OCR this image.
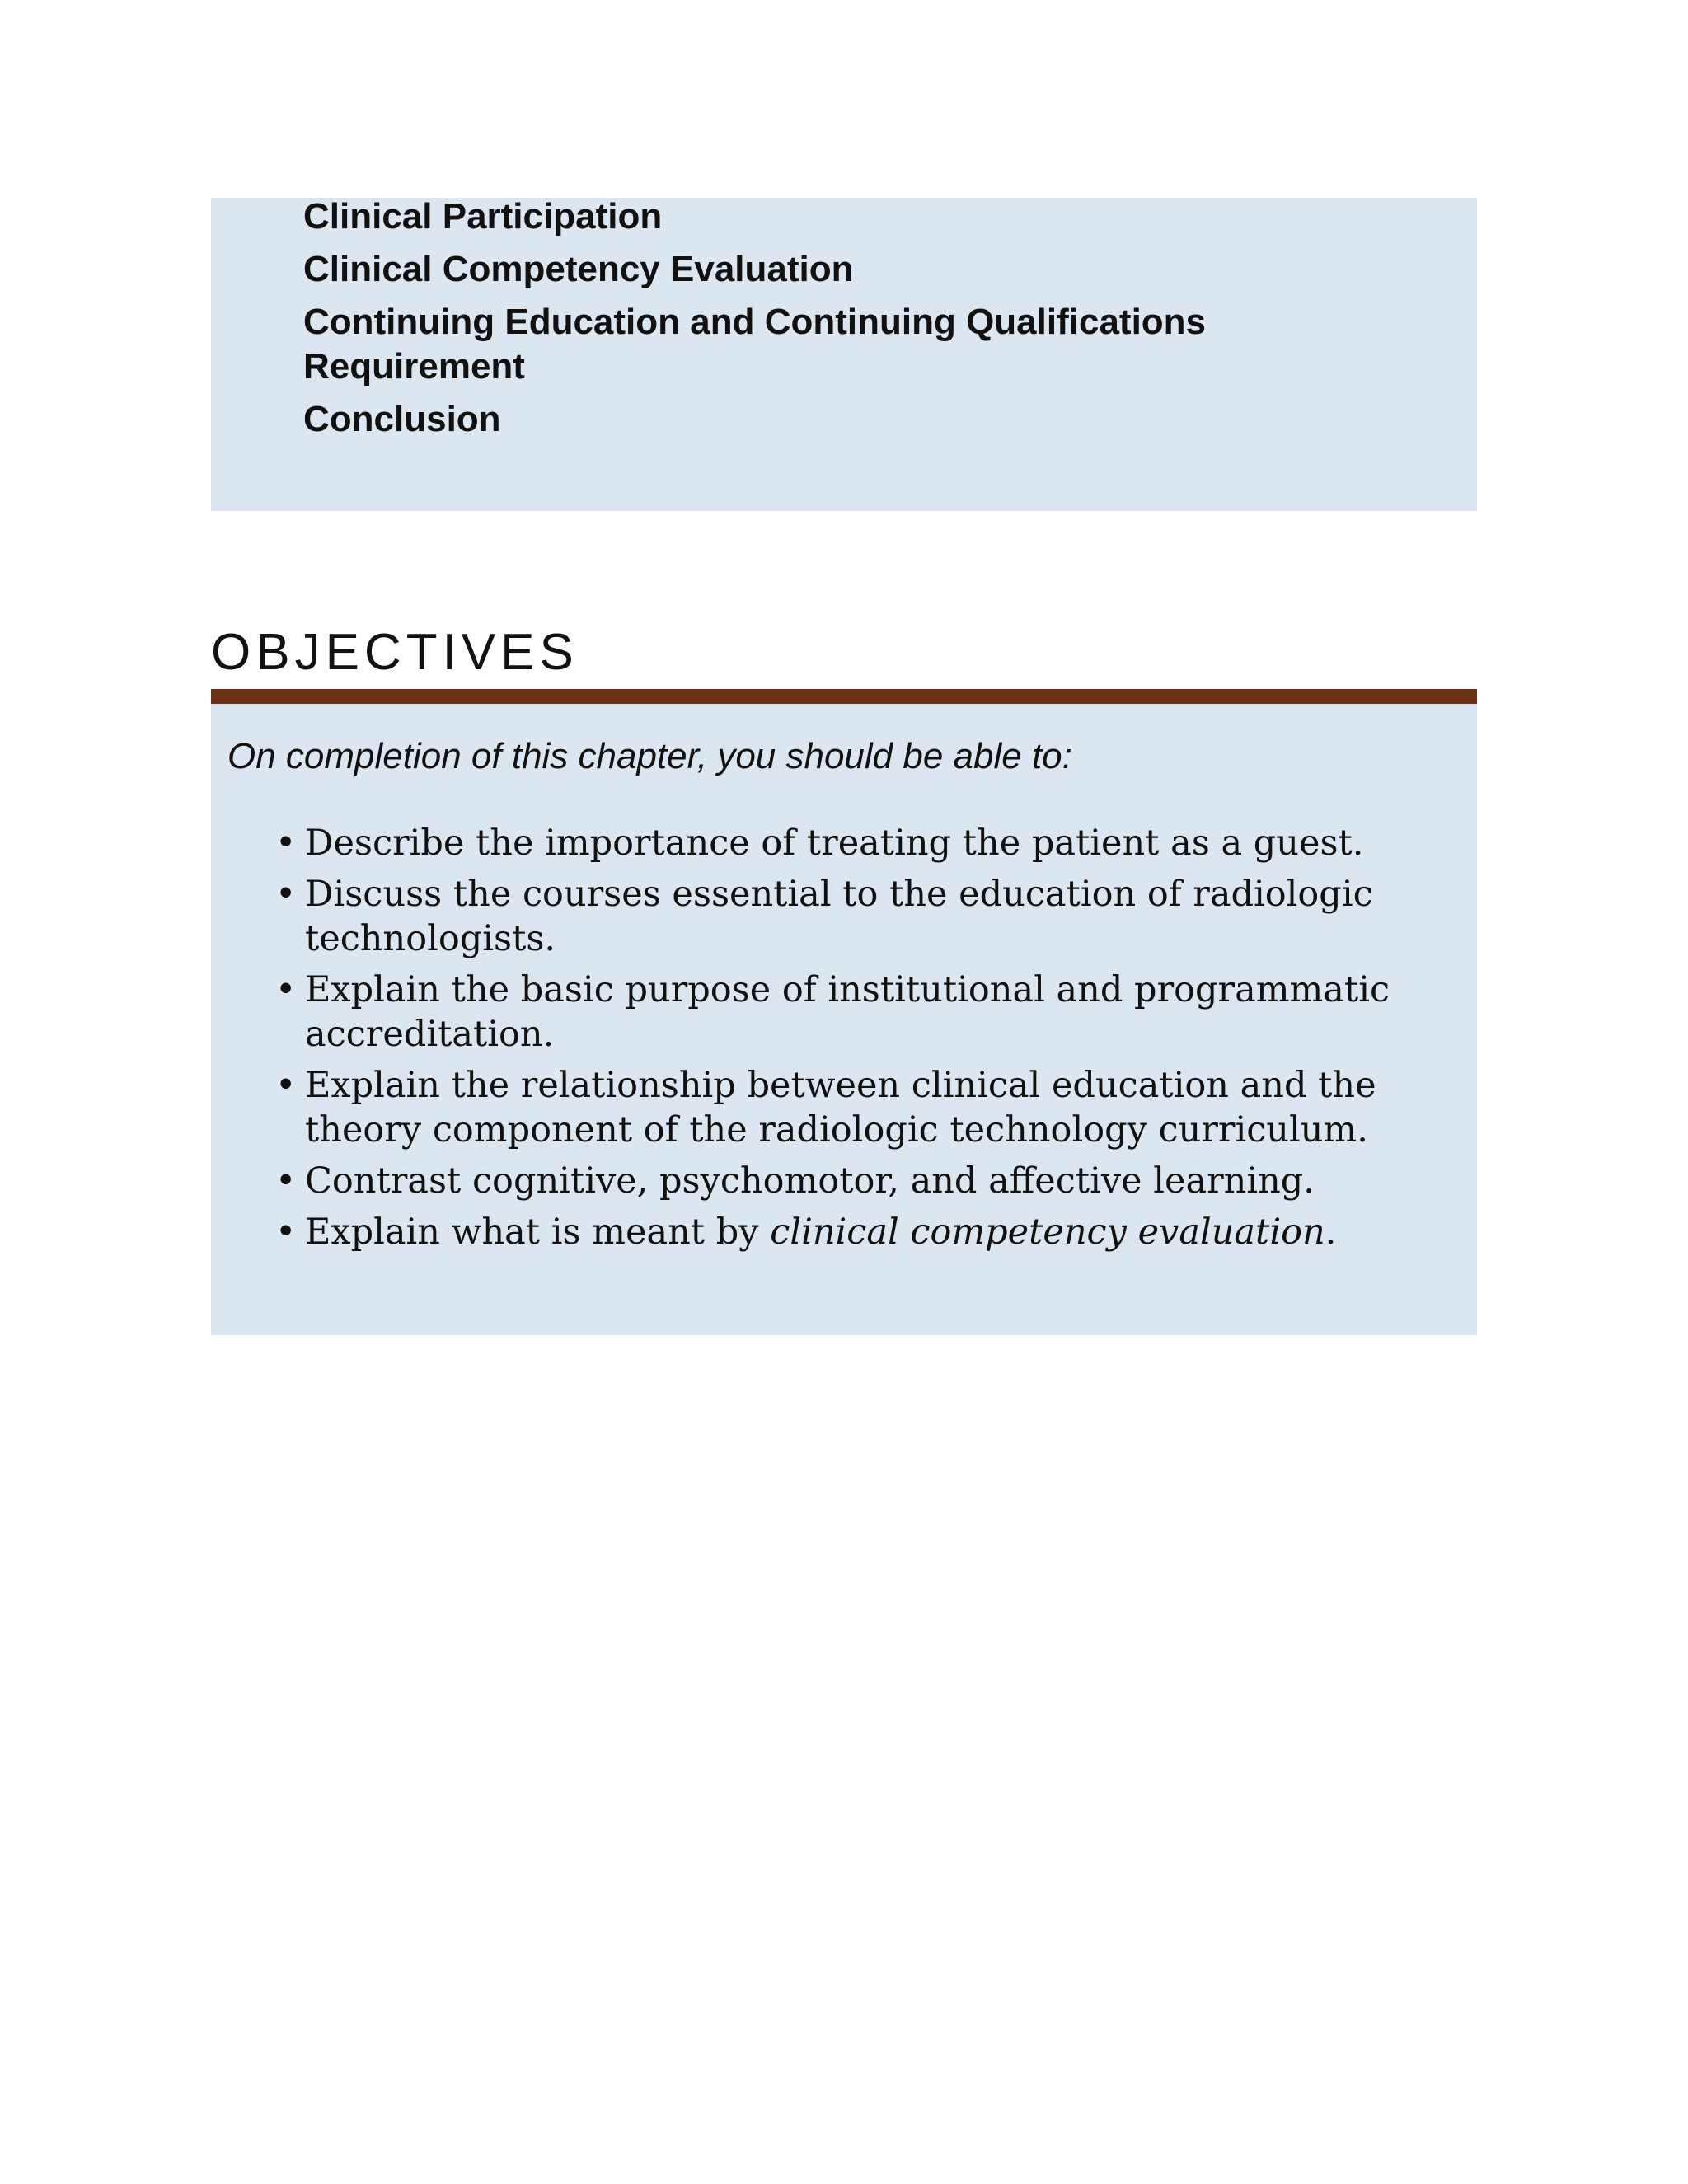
Clinical Participation
Clinical Competency Evaluation
Continuing Education and Continuing Qualifications Requirement
Conclusion
OBJECTIVES

On completion of this chapter, you should be able to:

• Describe the importance of treating the patient as a guest.
• Discuss the courses essential to the education of radiologic technologists.
• Explain the basic purpose of institutional and programmatic accreditation.
• Explain the relationship between clinical education and the theory component of the radiologic technology curriculum.
• Contrast cognitive, psychomotor, and affective learning.
• Explain what is meant by clinical competency evaluation.
